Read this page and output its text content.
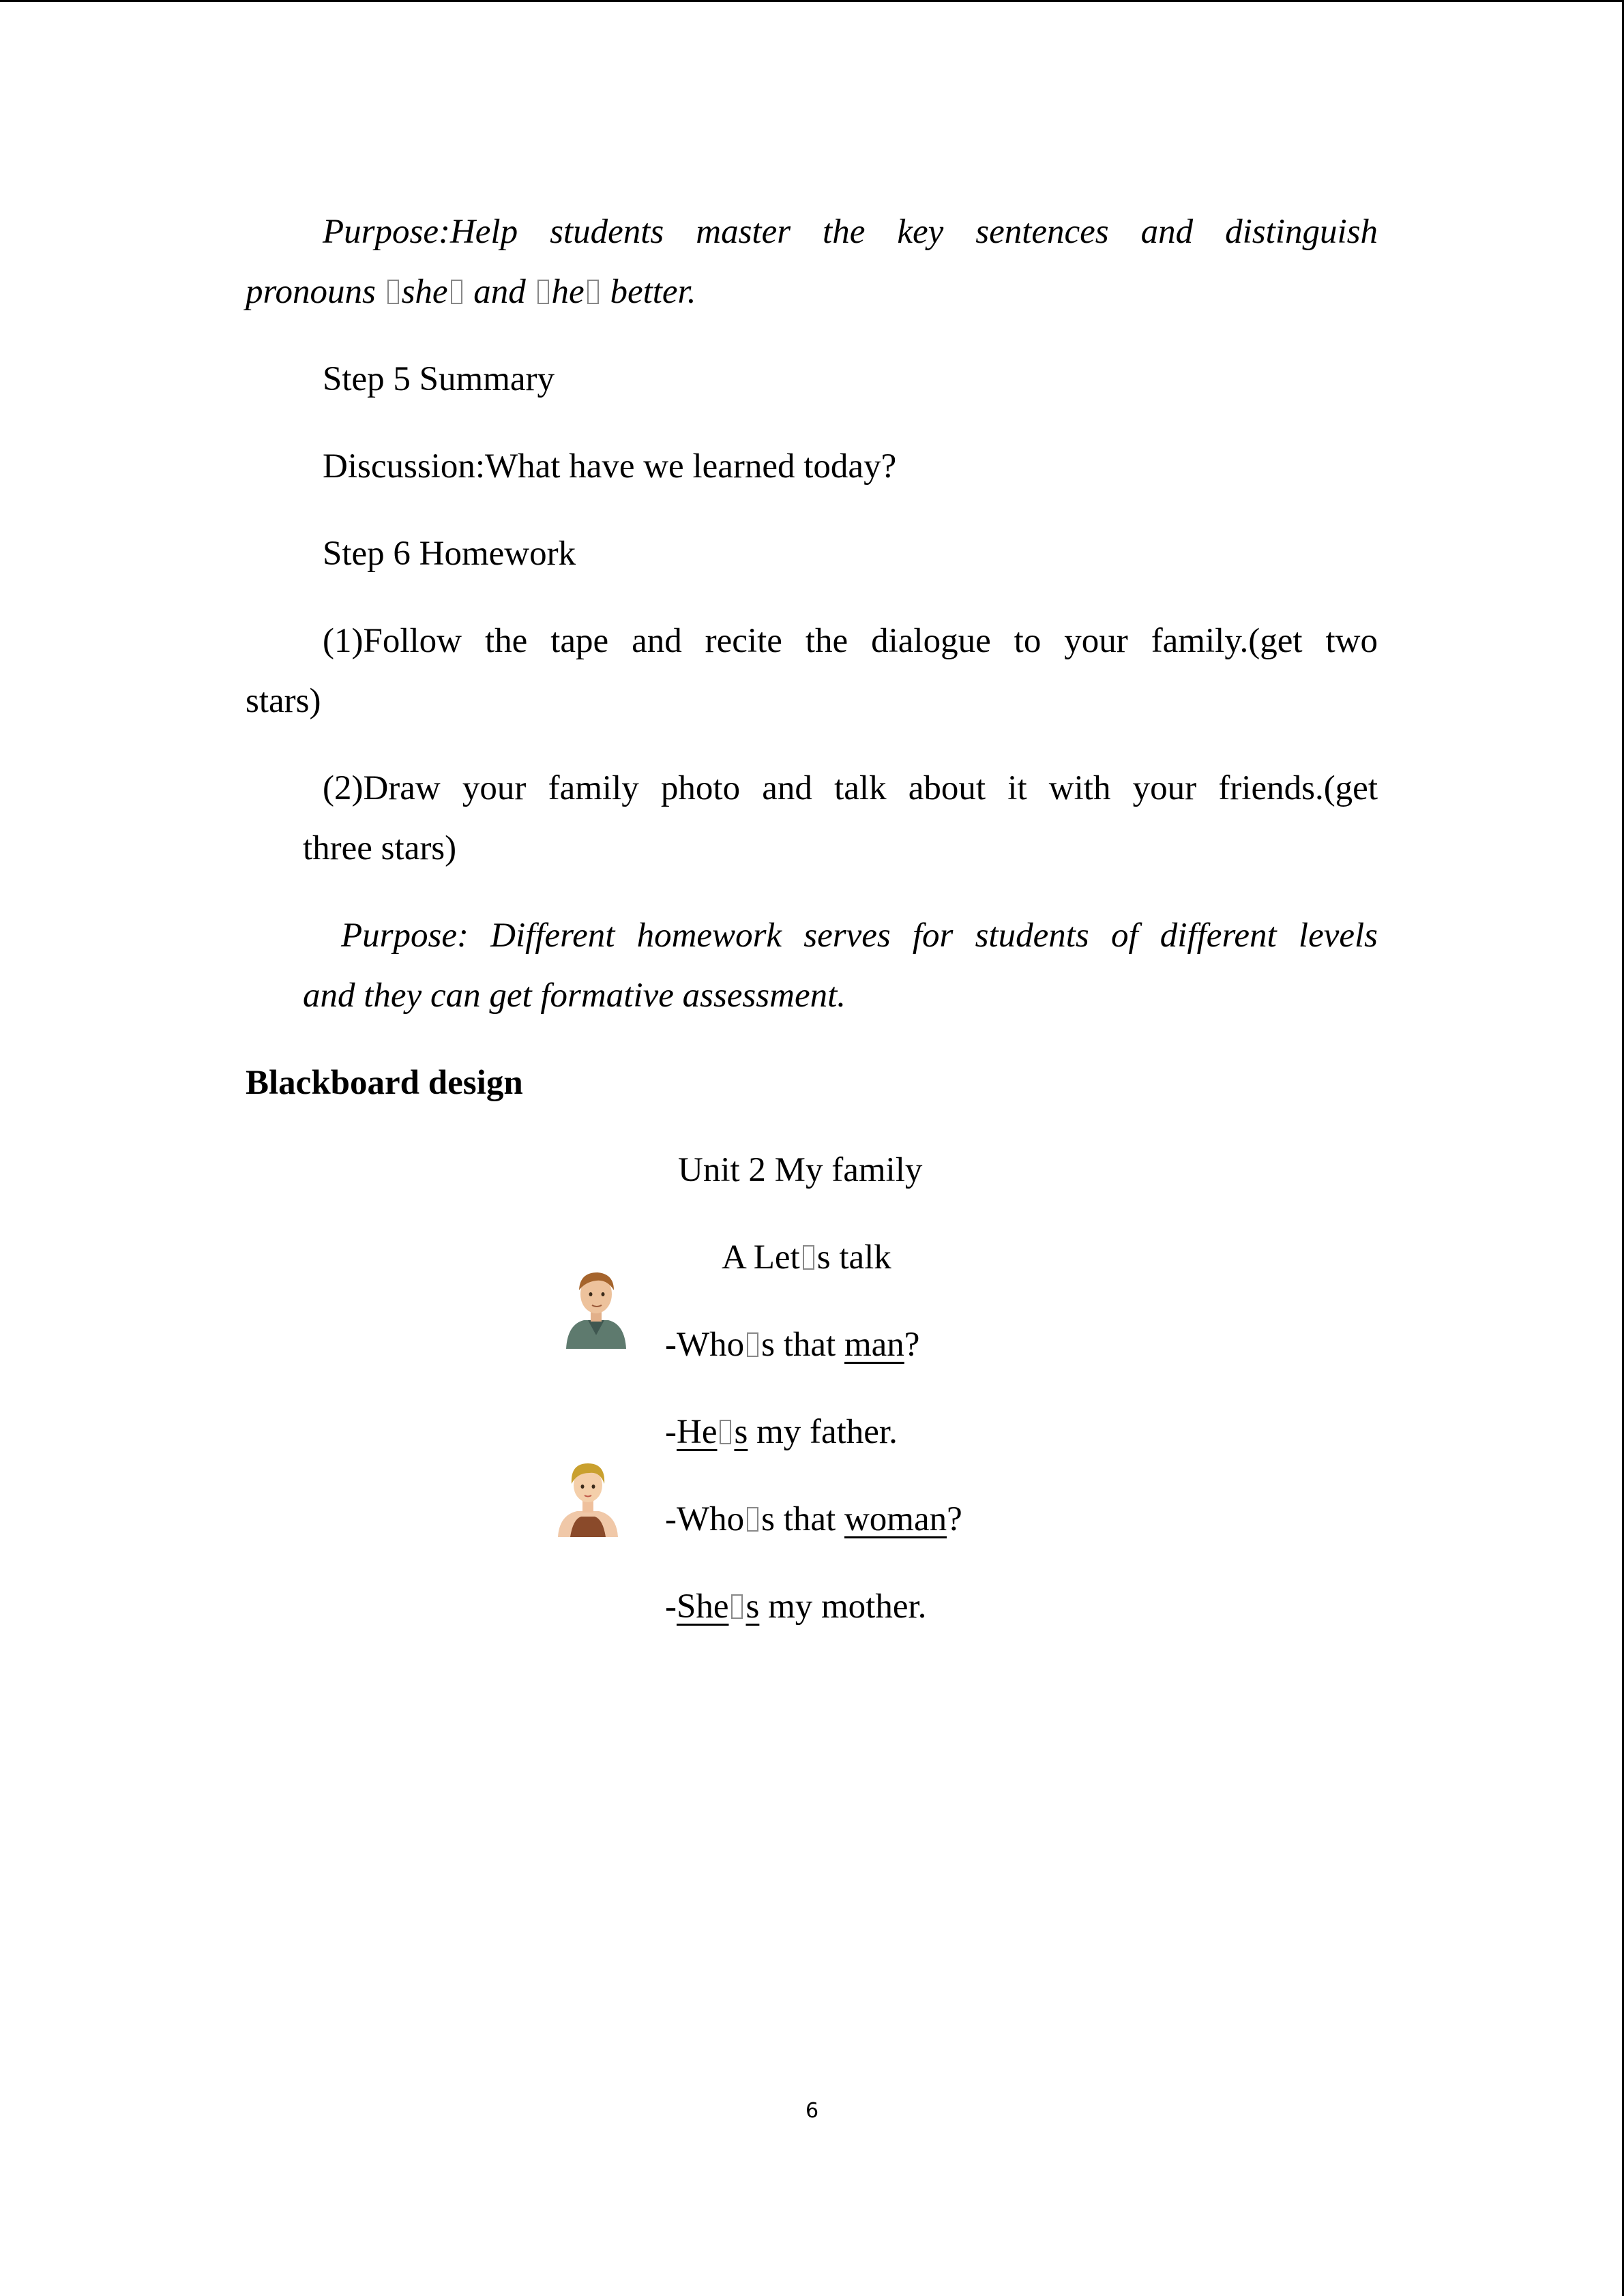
Purpose:Help students master the key sentences and distinguish
pronouns she and he better.
Step 5 Summary
Discussion:What have we learned today?
Step 6 Homework
(1)Follow the tape and recite the dialogue to your family.(get two
stars)
(2)Draw your family photo and talk about it with your friends.(get
three stars)
Purpose: Different homework serves for students of different levels
and they can get formative assessment.
Blackboard design
Unit 2 My family
A Let s talk
-Who s that man?
-He s my father.
-Who s that woman?
-She s my mother.
6
